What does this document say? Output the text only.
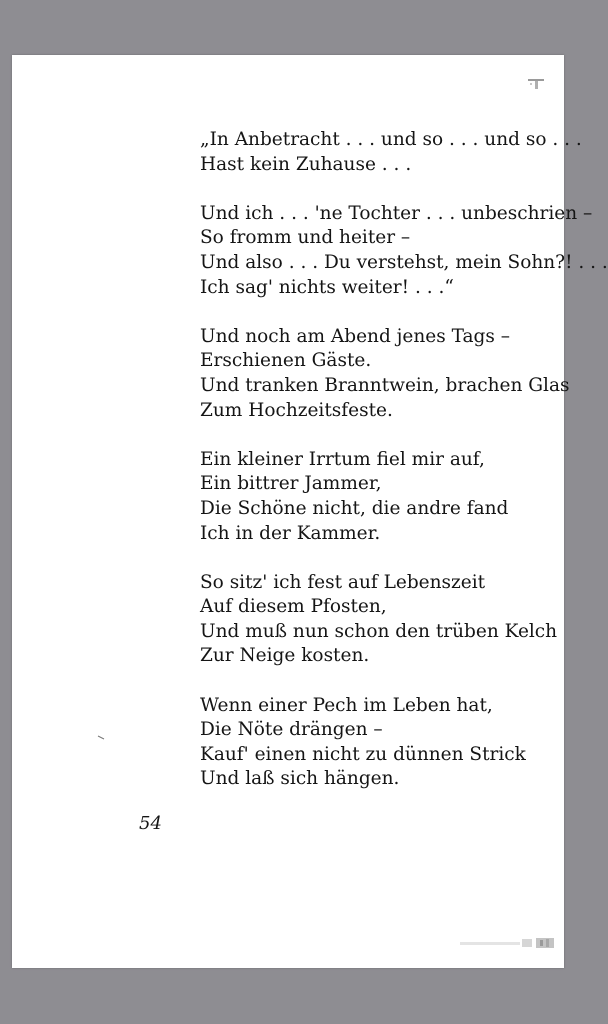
„In Anbetracht . . . und so . . . und so . . .
Hast kein Zuhause . . .
Und ich . . . 'ne Tochter . . . unbeschrien –
So fromm und heiter –
Und also . . . Du verstehst, mein Sohn?! . . .
Ich sag' nichts weiter! . . .“
Und noch am Abend jenes Tags –
Erschienen Gäste.
Und tranken Branntwein, brachen Glas
Zum Hochzeitsfeste.
Ein kleiner Irrtum fiel mir auf,
Ein bittrer Jammer,
Die Schöne nicht, die andre fand
Ich in der Kammer.
So sitz' ich fest auf Lebenszeit
Auf diesem Pfosten,
Und muß nun schon den trüben Kelch
Zur Neige kosten.
Wenn einer Pech im Leben hat,
Die Nöte drängen –
Kauf' einen nicht zu dünnen Strick
Und laß sich hängen.
54
